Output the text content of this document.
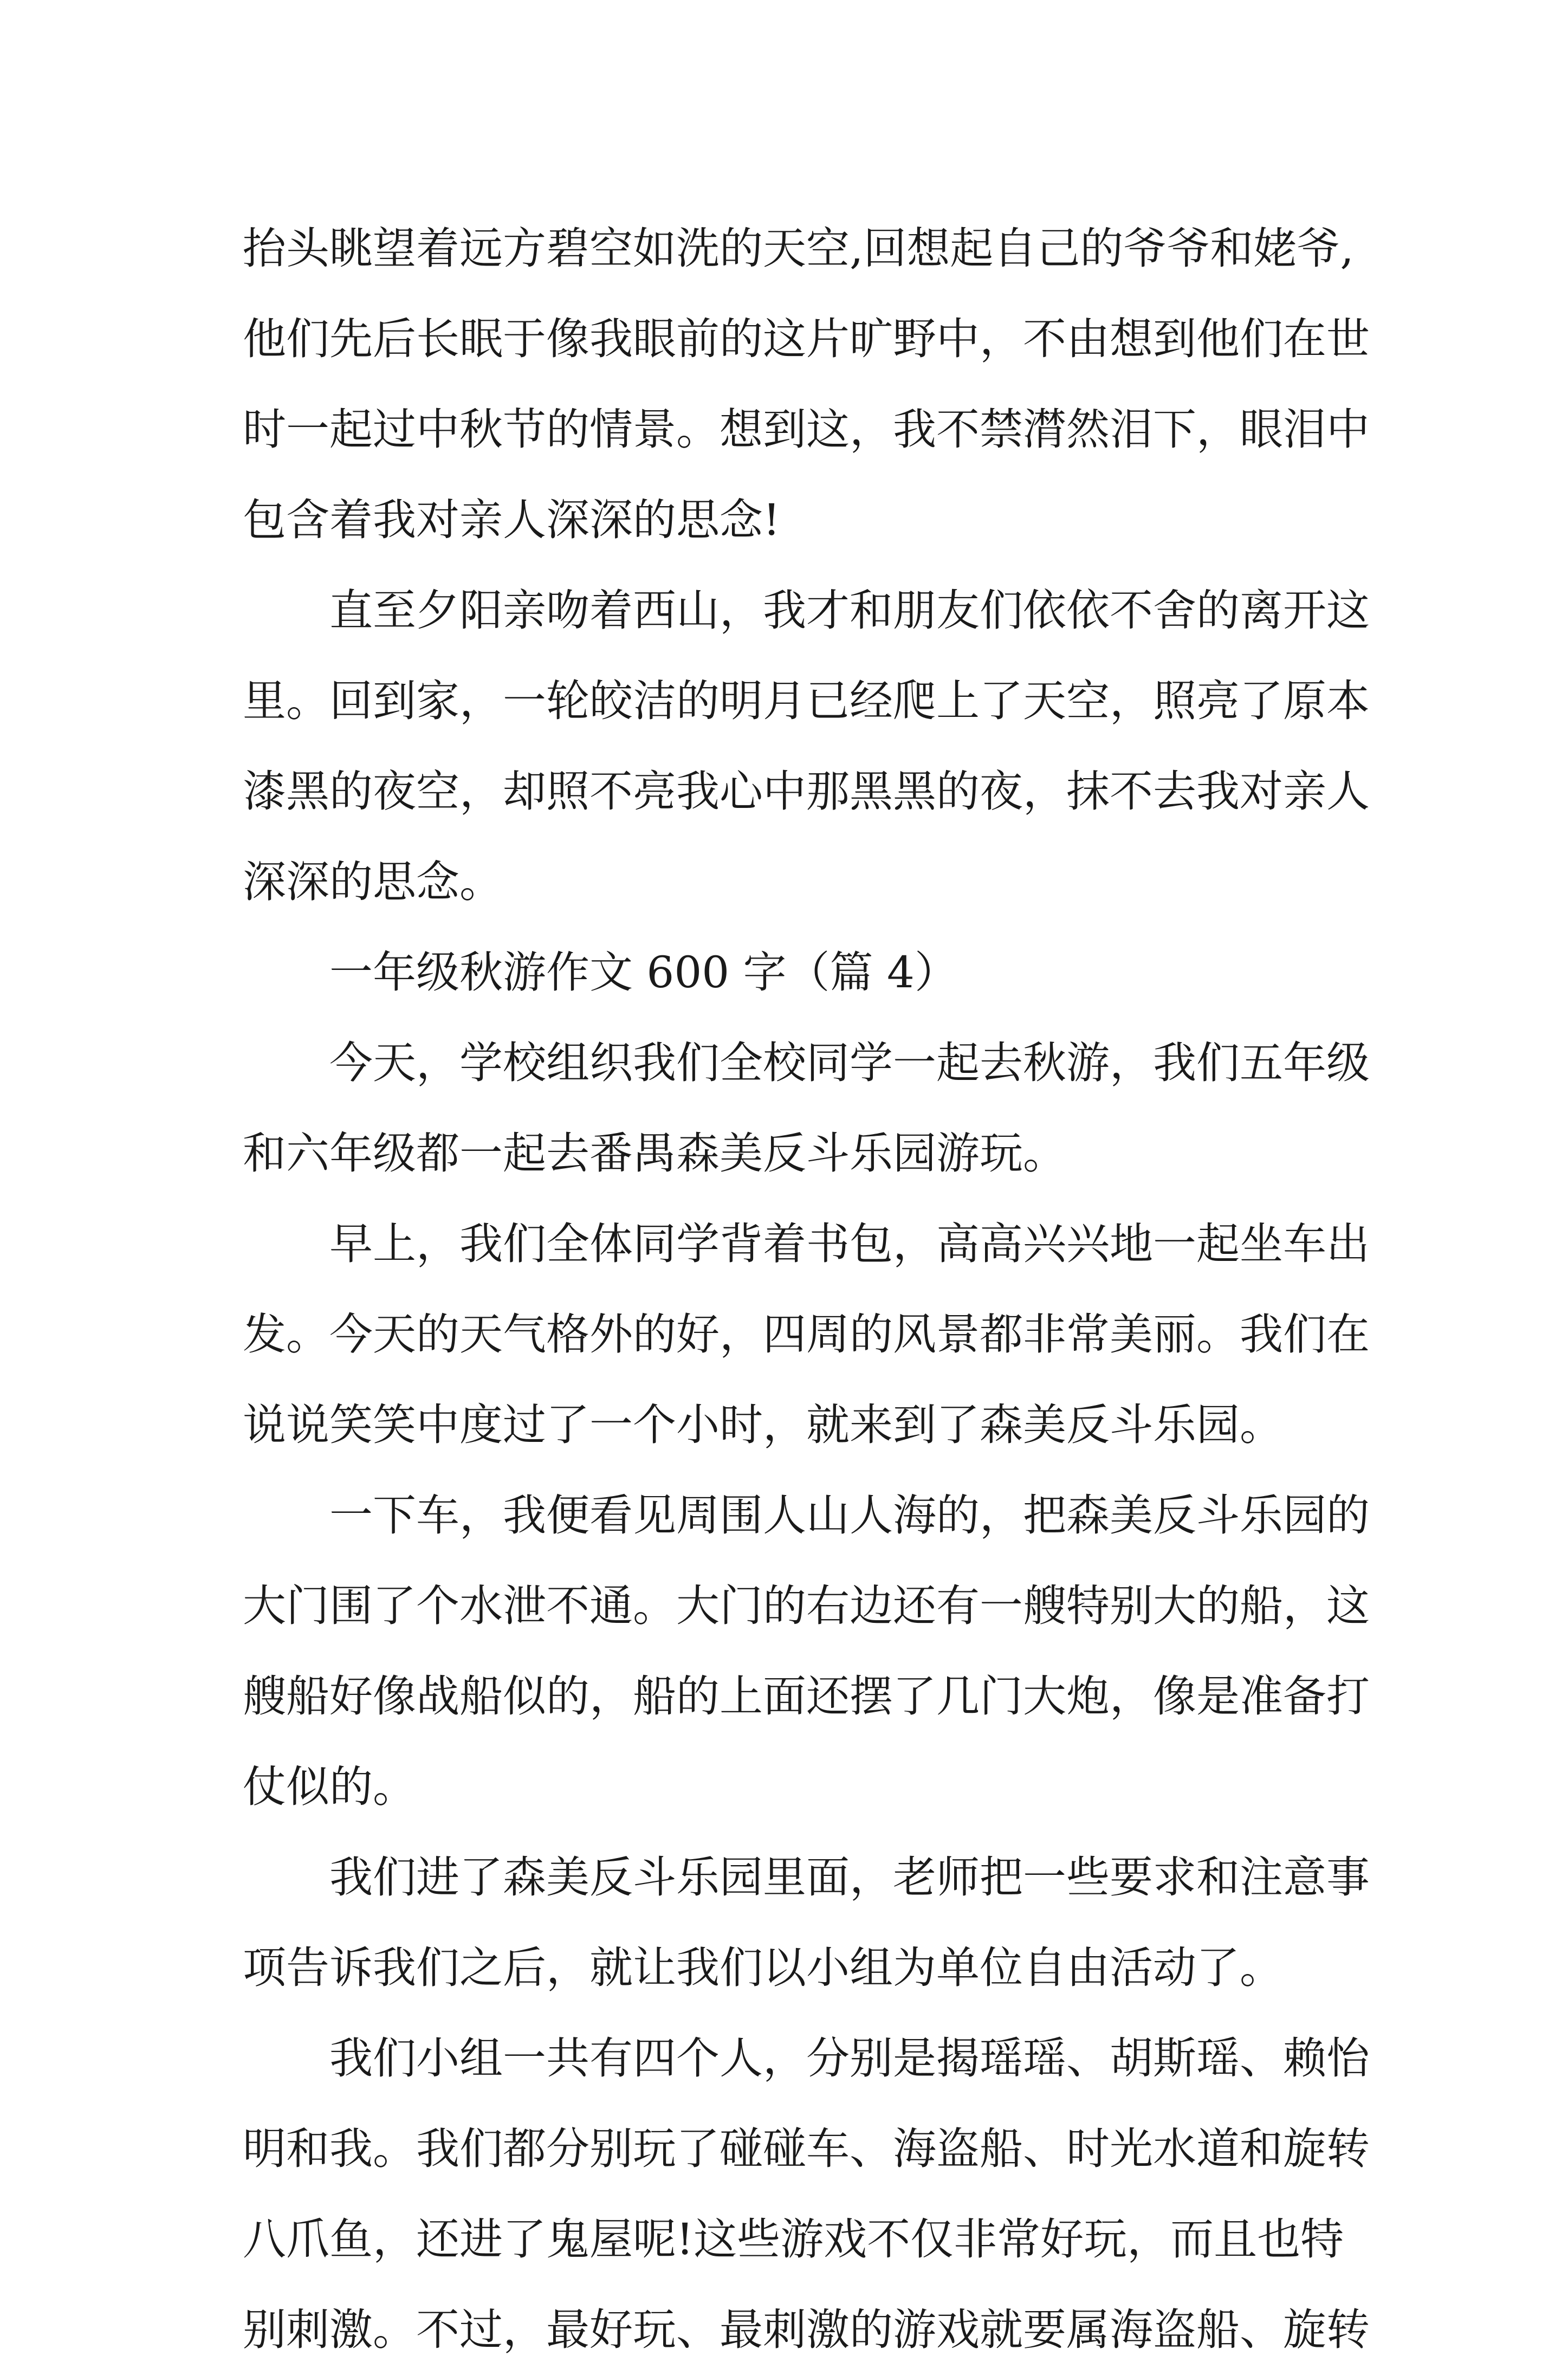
抬头眺望着远方碧空如洗的天空,回想起自己的爷爷和姥爷,
他们先后长眠于像我眼前的这片旷野中，不由想到他们在世
时一起过中秋节的情景。想到这，我不禁潸然泪下，眼泪中
包含着我对亲人深深的思念!
直至夕阳亲吻着西山，我才和朋友们依依不舍的离开这
里。回到家，一轮皎洁的明月已经爬上了天空，照亮了原本
漆黑的夜空，却照不亮我心中那黑黑的夜，抹不去我对亲人
深深的思念。
一年级秋游作文 600 字（篇 4）
今天，学校组织我们全校同学一起去秋游，我们五年级
和六年级都一起去番禺森美反斗乐园游玩。
早上，我们全体同学背着书包，高高兴兴地一起坐车出
发。今天的天气格外的好，四周的风景都非常美丽。我们在
说说笑笑中度过了一个小时，就来到了森美反斗乐园。
一下车，我便看见周围人山人海的，把森美反斗乐园的
大门围了个水泄不通。大门的右边还有一艘特别大的船，这
艘船好像战船似的，船的上面还摆了几门大炮，像是准备打
仗似的。
我们进了森美反斗乐园里面，老师把一些要求和注意事
项告诉我们之后，就让我们以小组为单位自由活动了。
我们小组一共有四个人，分别是揭瑶瑶、胡斯瑶、赖怡
明和我。我们都分别玩了碰碰车、海盗船、时光水道和旋转
八爪鱼，还进了鬼屋呢!这些游戏不仅非常好玩，而且也特
别刺激。不过，最好玩、最刺激的游戏就要属海盗船、旋转
